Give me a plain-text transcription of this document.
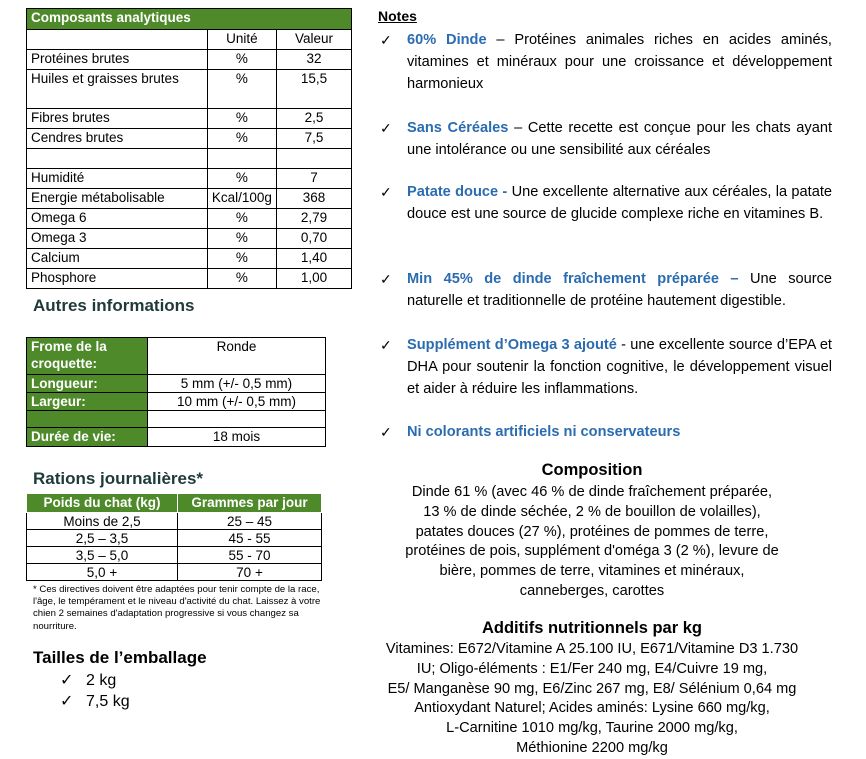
Composants analytiques		
	Unité	Valeur
Protéines brutes	%	32
Huiles et graisses brutes	%	15,5
Fibres brutes	%	2,5
Cendres brutes	%	7,5

Humidité	%	7
Energie métabolisable	Kcal/100g	368
Omega 6	%	2,79
Omega 3	%	0,70
Calcium	%	1,40
Phosphore	%	1,00
Autres informations
Frome de la croquette:	Ronde
Longueur:	5 mm (+/- 0,5 mm)
Largeur:	10 mm (+/- 0,5 mm)

Durée de vie:	18 mois
Rations journalières*
Poids du chat (kg)	Grammes par jour
Moins de 2,5	25 – 45
2,5 – 3,5	45 - 55
3,5 – 5,0	55 - 70
5,0 +	70 +
* Ces directives doivent être adaptées pour tenir compte de la race, l'âge, le tempérament et le niveau d'activité du chat. Laissez à votre chien 2 semaines d'adaptation progressive si vous changez sa nourriture.
Tailles de l’emballage
✓ 2 kg
✓ 7,5 kg
Notes
✓ 60% Dinde – Protéines animales riches en acides aminés, vitamines et minéraux pour une croissance et développement harmonieux
✓ Sans Céréales – Cette recette est conçue pour les chats ayant une intolérance ou une sensibilité aux céréales
✓ Patate douce - Une excellente alternative aux céréales, la patate douce est une source de glucide complexe riche en vitamines B.
✓ Min 45% de dinde fraîchement préparée – Une source naturelle et traditionnelle de protéine hautement digestible.
✓ Supplément d’Omega 3 ajouté - une excellente source d’EPA et DHA pour soutenir la fonction cognitive, le développement visuel et aider à réduire les inflammations.
✓ Ni colorants artificiels ni conservateurs
Composition
Dinde 61 % (avec 46 % de dinde fraîchement préparée,
13 % de dinde séchée, 2 % de bouillon de volailles),
patates douces (27 %), protéines de pommes de terre,
protéines de pois, supplément d'oméga 3 (2 %), levure de
bière, pommes de terre, vitamines et minéraux,
canneberges, carottes
Additifs nutritionnels par kg
Vitamines: E672/Vitamine A 25.100 IU, E671/Vitamine D3 1.730
IU; Oligo-éléments : E1/Fer 240 mg, E4/Cuivre 19 mg,
E5/ Manganèse 90 mg, E6/Zinc 267 mg, E8/ Sélénium 0,64 mg
Antioxydant Naturel; Acides aminés: Lysine 660 mg/kg,
L-Carnitine 1010 mg/kg, Taurine 2000 mg/kg,
Méthionine 2200 mg/kg
